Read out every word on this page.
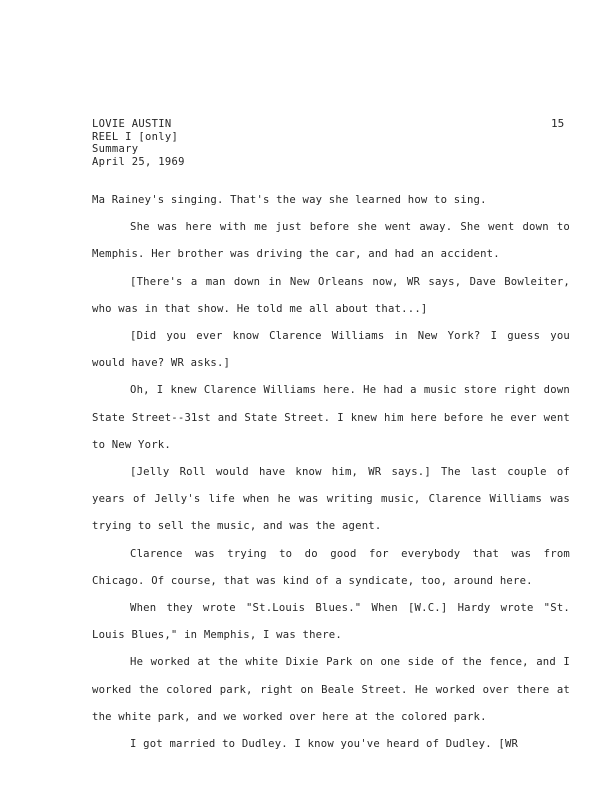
LOVIE AUSTIN
REEL I [only]
Summary
April 25, 1969
15

Ma Rainey's singing. That's the way she learned how to sing.

She was here with me just before she went away. She went down to Memphis. Her brother was driving the car, and had an accident.

[There's a man down in New Orleans now, WR says, Dave Bowleiter, who was in that show. He told me all about that...]

[Did you ever know Clarence Williams in New York? I guess you would have? WR asks.]

Oh, I knew Clarence Williams here. He had a music store right down State Street--31st and State Street. I knew him here before he ever went to New York.

[Jelly Roll would have know him, WR says.] The last couple of years of Jelly's life when he was writing music, Clarence Williams was trying to sell the music, and was the agent.

Clarence was trying to do good for everybody that was from Chicago. Of course, that was kind of a syndicate, too, around here.

When they wrote "St.Louis Blues." When [W.C.] Hardy wrote "St. Louis Blues," in Memphis, I was there.

He worked at the white Dixie Park on one side of the fence, and I worked the colored park, right on Beale Street. He worked over there at the white park, and we worked over here at the colored park.

I got married to Dudley. I know you've heard of Dudley. [WR
